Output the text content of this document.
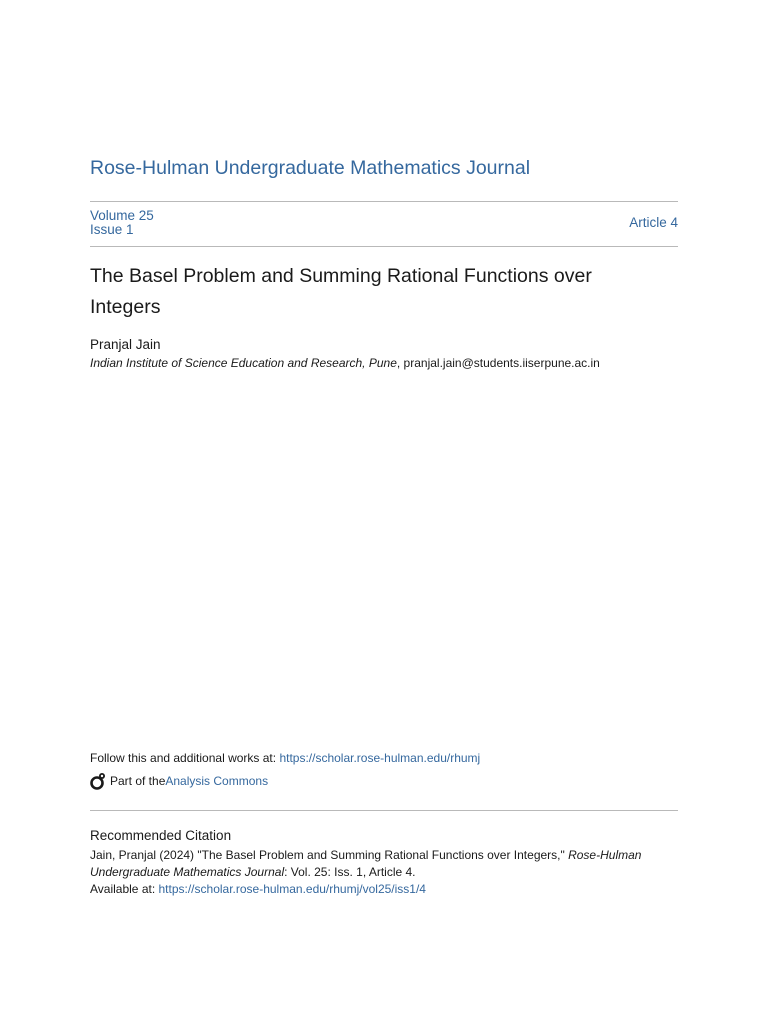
Rose-Hulman Undergraduate Mathematics Journal
Volume 25
Issue 1	Article 4
The Basel Problem and Summing Rational Functions over Integers
Pranjal Jain
Indian Institute of Science Education and Research, Pune, pranjal.jain@students.iiserpune.ac.in
Follow this and additional works at: https://scholar.rose-hulman.edu/rhumj
Part of the Analysis Commons
Recommended Citation
Jain, Pranjal (2024) "The Basel Problem and Summing Rational Functions over Integers," Rose-Hulman Undergraduate Mathematics Journal: Vol. 25: Iss. 1, Article 4.
Available at: https://scholar.rose-hulman.edu/rhumj/vol25/iss1/4
